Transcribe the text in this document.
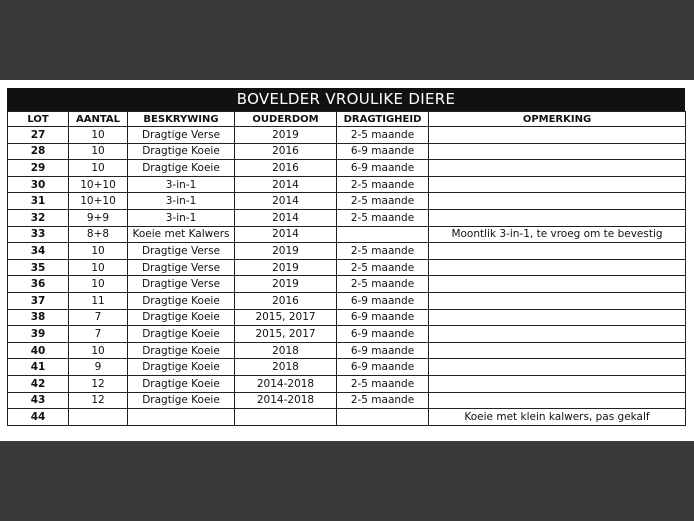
BOVELDER VROULIKE DIERE
LOT	AANTAL	BESKRYWING	OUDERDOM	DRAGTIGHEID	OPMERKING
27	10	Dragtige Verse	2019	2-5 maande	
28	10	Dragtige Koeie	2016	6-9 maande	
29	10	Dragtige Koeie	2016	6-9 maande	
30	10+10	3-in-1	2014	2-5 maande	
31	10+10	3-in-1	2014	2-5 maande	
32	9+9	3-in-1	2014	2-5 maande	
33	8+8	Koeie met Kalwers	2014		Moontlik 3-in-1, te vroeg om te bevestig
34	10	Dragtige Verse	2019	2-5 maande	
35	10	Dragtige Verse	2019	2-5 maande	
36	10	Dragtige Verse	2019	2-5 maande	
37	11	Dragtige Koeie	2016	6-9 maande	
38	7	Dragtige Koeie	2015, 2017	6-9 maande	
39	7	Dragtige Koeie	2015, 2017	6-9 maande	
40	10	Dragtige Koeie	2018	6-9 maande	
41	9	Dragtige Koeie	2018	6-9 maande	
42	12	Dragtige Koeie	2014-2018	2-5 maande	
43	12	Dragtige Koeie	2014-2018	2-5 maande	
44					Koeie met klein kalwers, pas gekalf
